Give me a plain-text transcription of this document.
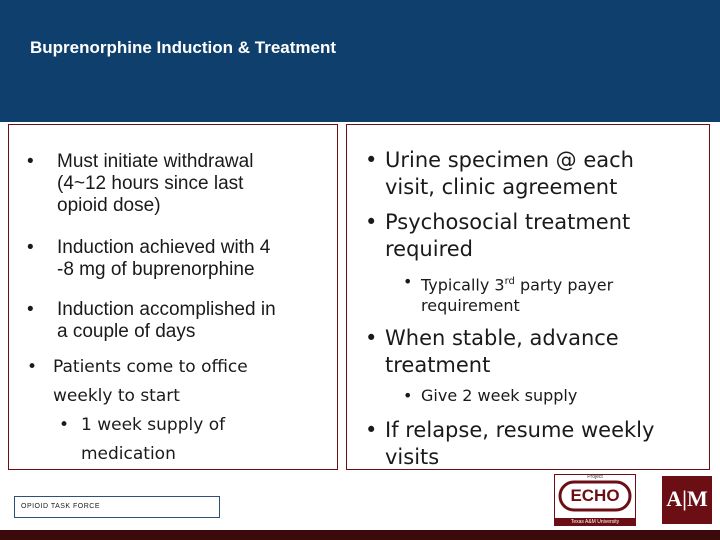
Buprenorphine Induction & Treatment
• Must initiate withdrawal
(4~12 hours since last
opioid dose)
• Induction achieved with 4
-8 mg of buprenorphine
• Induction accomplished in
a couple of days
• Patients come to office
weekly to start
• 1 week supply of
medication
• Urine specimen @ each
visit, clinic agreement
• Psychosocial treatment
required
• Typically 3rd party payer
requirement
• When stable, advance
treatment
• Give 2 week supply
• If relapse, resume weekly
visits
OPIOID TASK FORCE
Project
ECHO
Texas A&M University
A|M
